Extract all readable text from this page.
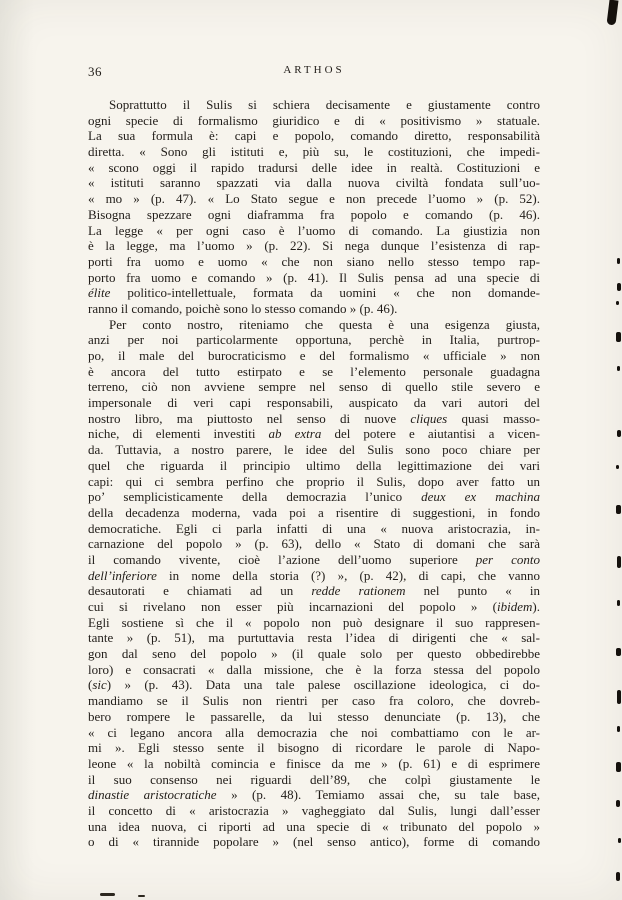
36	ARTHOS
Soprattutto il Sulis si schiera decisamente e giustamente contro
ogni specie di formalismo giuridico e di « positivismo » statuale.
La sua formula è: capi e popolo, comando diretto, responsabilità
diretta. « Sono gli istituti e, più su, le costituzioni, che impedi-
« scono oggi il rapido tradursi delle idee in realtà. Costituzioni e
« istituti saranno spazzati via dalla nuova civiltà fondata sull’uo-
« mo » (p. 47). « Lo Stato segue e non precede l’uomo » (p. 52).
Bisogna spezzare ogni diaframma fra popolo e comando (p. 46).
La legge « per ogni caso è l’uomo di comando. La giustizia non
è la legge, ma l’uomo » (p. 22). Si nega dunque l’esistenza di rap-
porti fra uomo e uomo « che non siano nello stesso tempo rap-
porto fra uomo e comando » (p. 41). Il Sulis pensa ad una specie di
élite politico-intellettuale, formata da uomini « che non domande-
ranno il comando, poichè sono lo stesso comando » (p. 46).
Per conto nostro, riteniamo che questa è una esigenza giusta,
anzi per noi particolarmente opportuna, perchè in Italia, purtrop-
po, il male del burocraticismo e del formalismo « ufficiale » non
è ancora del tutto estirpato e se l’elemento personale guadagna
terreno, ciò non avviene sempre nel senso di quello stile severo e
impersonale di veri capi responsabili, auspicato da vari autori del
nostro libro, ma piuttosto nel senso di nuove cliques quasi masso-
niche, di elementi investiti ab extra del potere e aiutantisi a vicen-
da. Tuttavia, a nostro parere, le idee del Sulis sono poco chiare per
quel che riguarda il principio ultimo della legittimazione dei vari
capi: qui ci sembra perfino che proprio il Sulis, dopo aver fatto un
po’ semplicisticamente della democrazia l’unico deux ex machina
della decadenza moderna, vada poi a risentire di suggestioni, in fondo
democratiche. Egli ci parla infatti di una « nuova aristocrazia, in-
carnazione del popolo » (p. 63), dello « Stato di domani che sarà
il comando vivente, cioè l’azione dell’uomo superiore per conto
dell’inferiore in nome della storia (?) », (p. 42), di capi, che vanno
desautorati e chiamati ad un redde rationem nel punto « in
cui si rivelano non esser più incarnazioni del popolo » (ibidem).
Egli sostiene sì che il « popolo non può designare il suo rappresen-
tante » (p. 51), ma purtuttavia resta l’idea di dirigenti che « sal-
gon dal seno del popolo » (il quale solo per questo obbedirebbe
loro) e consacrati « dalla missione, che è la forza stessa del popolo
(sic) » (p. 43). Data una tale palese oscillazione ideologica, ci do-
mandiamo se il Sulis non rientri per caso fra coloro, che dovreb-
bero rompere le passarelle, da lui stesso denunciate (p. 13), che
« ci legano ancora alla democrazia che noi combattiamo con le ar-
mi ». Egli stesso sente il bisogno di ricordare le parole di Napo-
leone « la nobiltà comincia e finisce da me » (p. 61) e di esprimere
il suo consenso nei riguardi dell’89, che colpì giustamente le
dinastie aristocratiche » (p. 48). Temiamo assai che, su tale base,
il concetto di « aristocrazia » vagheggiato dal Sulis, lungi dall’esser
una idea nuova, ci riporti ad una specie di « tribunato del popolo »
o di « tirannide popolare » (nel senso antico), forme di comando
